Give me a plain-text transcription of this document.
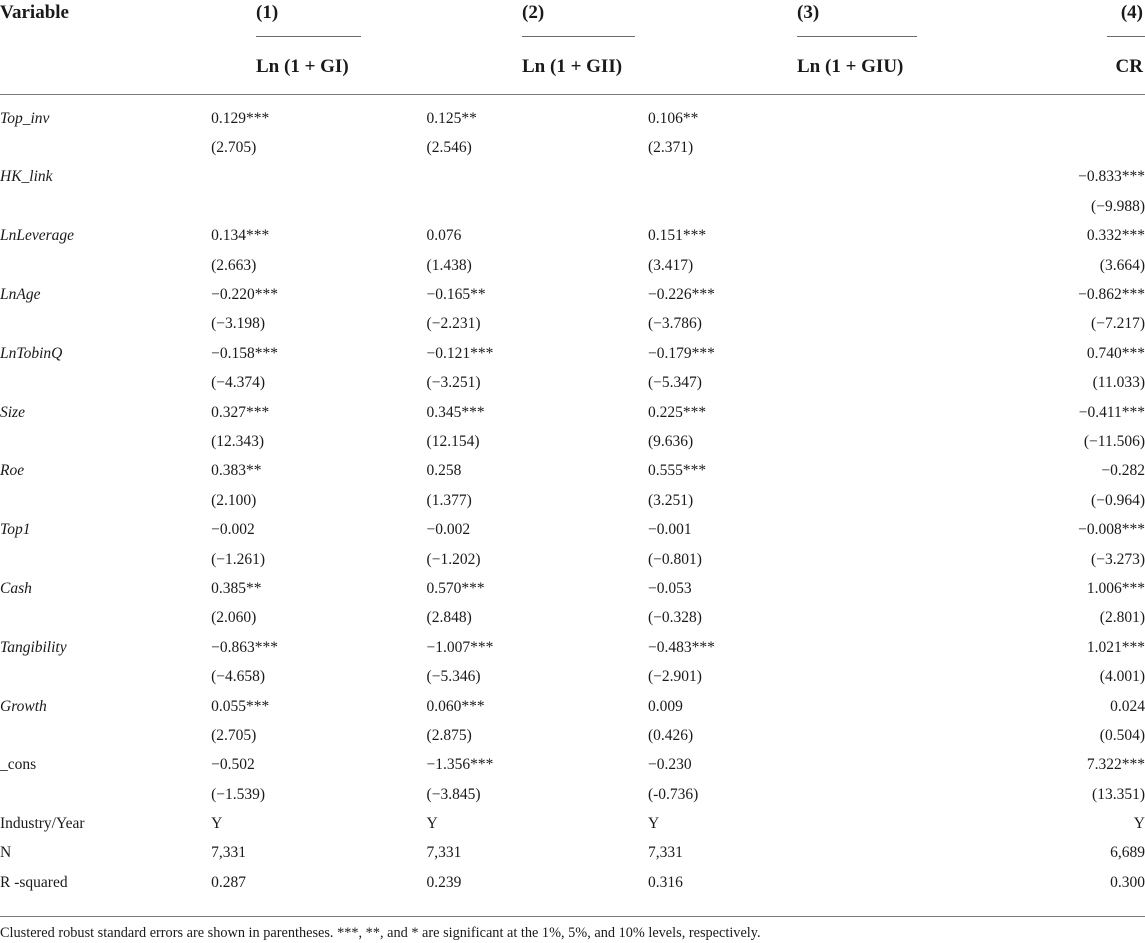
Variable	(1)	(2)	(3)	(4)
Ln (1 + GI)	Ln (1 + GII)	Ln (1 + GIU)	CR
Top_inv	0.129***	0.125**	0.106**	
	(2.705)	(2.546)	(2.371)	
HK_link				−0.833***
				(−9.988)
LnLeverage	0.134***	0.076	0.151***	0.332***
	(2.663)	(1.438)	(3.417)	(3.664)
LnAge	−0.220***	−0.165**	−0.226***	−0.862***
	(−3.198)	(−2.231)	(−3.786)	(−7.217)
LnTobinQ	−0.158***	−0.121***	−0.179***	0.740***
	(−4.374)	(−3.251)	(−5.347)	(11.033)
Size	0.327***	0.345***	0.225***	−0.411***
	(12.343)	(12.154)	(9.636)	(−11.506)
Roe	0.383**	0.258	0.555***	−0.282
	(2.100)	(1.377)	(3.251)	(−0.964)
Top1	−0.002	−0.002	−0.001	−0.008***
	(−1.261)	(−1.202)	(−0.801)	(−3.273)
Cash	0.385**	0.570***	−0.053	1.006***
	(2.060)	(2.848)	(−0.328)	(2.801)
Tangibility	−0.863***	−1.007***	−0.483***	1.021***
	(−4.658)	(−5.346)	(−2.901)	(4.001)
Growth	0.055***	0.060***	0.009	0.024
	(2.705)	(2.875)	(0.426)	(0.504)
_cons	−0.502	−1.356***	−0.230	7.322***
	(−1.539)	(−3.845)	(-0.736)	(13.351)
Industry/Year	Y	Y	Y	Y
N	7,331	7,331	7,331	6,689
R -squared	0.287	0.239	0.316	0.300
Clustered robust standard errors are shown in parentheses. ***, **, and * are significant at the 1%, 5%, and 10% levels, respectively.
